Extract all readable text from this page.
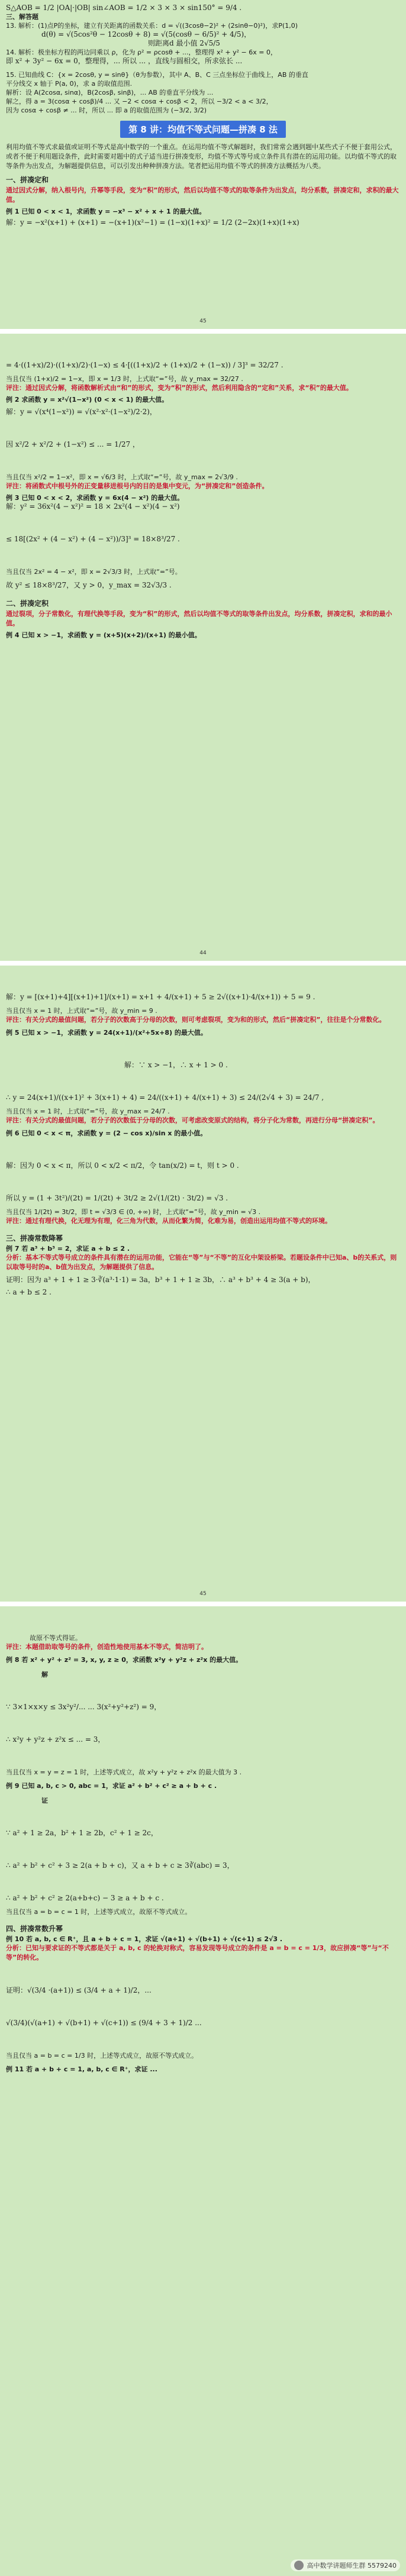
S△AOB = 1/2 |OA|·|OB| sin∠AOB = 1/2 × 3 × 3 × sin150° = 9/4 .
三、解答题
13. 解析：(1)点P的坐标，建立有关距离的函数关系：d = √((3cosθ−2)² + (2sinθ−0)²)，求P(1,0)
d(θ) = √(5cos²θ − 12cosθ + 8) = √(5(cosθ − 6/5)² + 4/5)，
则距离d 最小值 2√5/5
14. 解析：极坐标方程的两边同乘以 ρ，化为 ρ² = ρcosθ + ...，整理得 x² + y² − 6x = 0，
即 x² + 3y² − 6x = 0，整理得，... 所以 ... ，直线与圆相交，所求弦长 ...
15. 已知曲线 C：{x = 2cosθ, y = sinθ}（θ为参数），其中 A、B、C 三点坐标位于曲线上，AB 的垂直
平分线交 x 轴于 P(a, 0)，求 a 的取值范围.
解析：设 A(2cosα, sinα)，B(2cosβ, sinβ)，... AB 的垂直平分线为 ...
解之，得 a = 3(cosα + cosβ)/4 ... 又 −2 < cosα + cosβ < 2，所以 −3/2 < a < 3/2，
因为 cosα + cosβ ≠ ... 时，所以 ... 即 a 的取值范围为 (−3/2, 3/2)
第 8 讲：均值不等式问题—拼凑 8 法
利用均值不等式求最值或证明不等式是高中数学的一个重点。在运用均值不等式解题时，我们常常会遇到题中某些式子不便于套用公式，或者不便于利用题设条件，此时需要对题中的式子适当进行拼凑变形，均值不等式等号成立条件具有潜在的运用功能。以均值不等式的取等条件为出发点，为解题提供信息，可以引发出种种拼凑方法。笔者把运用均值不等式的拼凑方法概括为八类。
一、拼凑定和
通过因式分解，纳入根号内，升幂等手段，变为“积”的形式，然后以均值不等式的取等条件为出发点，均分系数，拼凑定和，求积的最大值。
例 1 已知 0 < x < 1，求函数 y = −x³ − x² + x + 1 的最大值。
解：y = −x²(x+1) + (x+1) = −(x+1)(x²−1) = (1−x)(1+x)² = 1/2 (2−2x)(1+x)(1+x)
45
= 4·((1+x)/2)·((1+x)/2)·(1−x) ≤ 4·[((1+x)/2 + (1+x)/2 + (1−x)) / 3]³ = 32/27 .
当且仅当 (1+x)/2 = 1−x，即 x = 1/3 时，上式取“=”号，故 y_max = 32/27 .
评注：通过因式分解，将函数解析式由“和”的形式，变为“积”的形式，然后利用隐含的“定和”关系，求“积”的最大值。
例 2 求函数 y = x²√(1−x²) (0 < x < 1) 的最大值。
解：y = √(x⁴(1−x²)) = √(x²·x²·(1−x²)/2·2)，
因 x²/2 + x²/2 + (1−x²) ≤ ... = 1/27 ，
当且仅当 x²/2 = 1−x²，即 x = √6/3 时，上式取“=”号，故 y_max = 2√3/9 .
评注：将函数式中根号外的正变量移进根号内的目的是集中变元，为“拼凑定和”创造条件。
例 3 已知 0 < x < 2，求函数 y = 6x(4 − x²) 的最大值。
解：y² = 36x²(4 − x²)² = 18 × 2x²(4 − x²)(4 − x²)
≤ 18[(2x² + (4 − x²) + (4 − x²))/3]³ = 18×8³/27 .
当且仅当 2x² = 4 − x²，即 x = 2√3/3 时，上式取“=”号。
故 y² ≤ 18×8³/27，又 y > 0，y_max = 32√3/3 .
二、拼凑定积
通过裂项，分子常数化，有理代换等手段，变为“积”的形式，然后以均值不等式的取等条件出发点，均分系数，拼凑定积，求和的最小值。
例 4 已知 x > −1，求函数 y = (x+5)(x+2)/(x+1) 的最小值。
44
解：y = [(x+1)+4][(x+1)+1]/(x+1) = x+1 + 4/(x+1) + 5 ≥ 2√((x+1)·4/(x+1)) + 5 = 9 .
当且仅当 x = 1 时，上式取“=”号，故 y_min = 9 .
评注：有关分式的最值问题，若分子的次数高于分母的次数，则可考虑裂项，变为和的形式，然后“拼凑定积”，往往是个分常数化。
例 5 已知 x > −1，求函数 y = 24(x+1)/(x²+5x+8) 的最大值。
解：∵ x > −1，∴ x + 1 > 0 .
∴ y = 24(x+1)/((x+1)² + 3(x+1) + 4) = 24/((x+1) + 4/(x+1) + 3) ≤ 24/(2√4 + 3) = 24/7 ,
当且仅当 x = 1 时，上式取“=”号，故 y_max = 24/7 .
评注：有关分式的最值问题，若分子的次数低于分母的次数，可考虑改变原式的结构，将分子化为常数，再进行分母“拼凑定积”。
例 6 已知 0 < x < π，求函数 y = (2 − cos x)/sin x 的最小值。
解：因为 0 < x < π，所以 0 < x/2 < π/2，令 tan(x/2) = t，则 t > 0 .
所以 y = (1 + 3t²)/(2t) = 1/(2t) + 3t/2 ≥ 2√(1/(2t) · 3t/2) = √3 .
当且仅当 1/(2t) = 3t/2，即 t = √3/3 ∈ (0, +∞) 时，上式取“=”号，故 y_min = √3 .
评注：通过有理代换，化无理为有理，化三角为代数，从而化繁为简，化难为易，创造出运用均值不等式的环境。
三、拼凑常数降幂
例 7 若 a³ + b³ = 2，求证 a + b ≤ 2 .
分析：基本不等式等号成立的条件具有潜在的运用功能，它能在“等”与“不等”的互化中架设桥梁。若题设条件中已知a、b的关系式，则以取等号时的a、b值为出发点，为解题提供了信息。
证明：因为 a³ + 1 + 1 ≥ 3·∛(a³·1·1) = 3a，b³ + 1 + 1 ≥ 3b，∴ a³ + b³ + 4 ≥ 3(a + b)，
∴ a + b ≤ 2 .
45
故原不等式得证。
评注：本题借助取等号的条件，创造性地使用基本不等式，简洁明了。
例 8 若 x² + y² + z² = 3, x, y, z ≥ 0，求函数 x²y + y²z + z²x 的最大值。
解
∵ 3×1×x×y ≤ 3x²y²/... ... 3(x²+y²+z²) = 9，
∴ x²y + y²z + z²x ≤ ... = 3，
当且仅当 x = y = z = 1 时，上述等式成立，故 x²y + y²z + z²x 的最大值为 3 .
例 9 已知 a, b, c > 0, abc = 1，求证 a² + b² + c² ≥ a + b + c .
证
∵ a² + 1 ≥ 2a，b² + 1 ≥ 2b，c² + 1 ≥ 2c，
∴ a² + b² + c² + 3 ≥ 2(a + b + c)，又 a + b + c ≥ 3∛(abc) = 3，
∴ a² + b² + c² ≥ 2(a+b+c) − 3 ≥ a + b + c .
当且仅当 a = b = c = 1 时，上述等式成立，故原不等式成立。
四、拼凑常数升幂
例 10 若 a, b, c ∈ R⁺，且 a + b + c = 1，求证 √(a+1) + √(b+1) + √(c+1) ≤ 2√3 .
分析：已知与要求证的不等式都是关于 a, b, c 的轮换对称式，容易发现等号成立的条件是 a = b = c = 1/3，故应拼凑“等”与“不等”的转化。
证明：√(3/4 ·(a+1)) ≤ (3/4 + a + 1)/2，...
√(3/4)(√(a+1) + √(b+1) + √(c+1)) ≤ (9/4 + 3 + 1)/2 ...
当且仅当 a = b = c = 1/3 时，上述等式成立，故原不等式成立。
例 11 若 a + b + c = 1, a, b, c ∈ R⁺，求证 ...
高中数学讲题师生群 5579240
